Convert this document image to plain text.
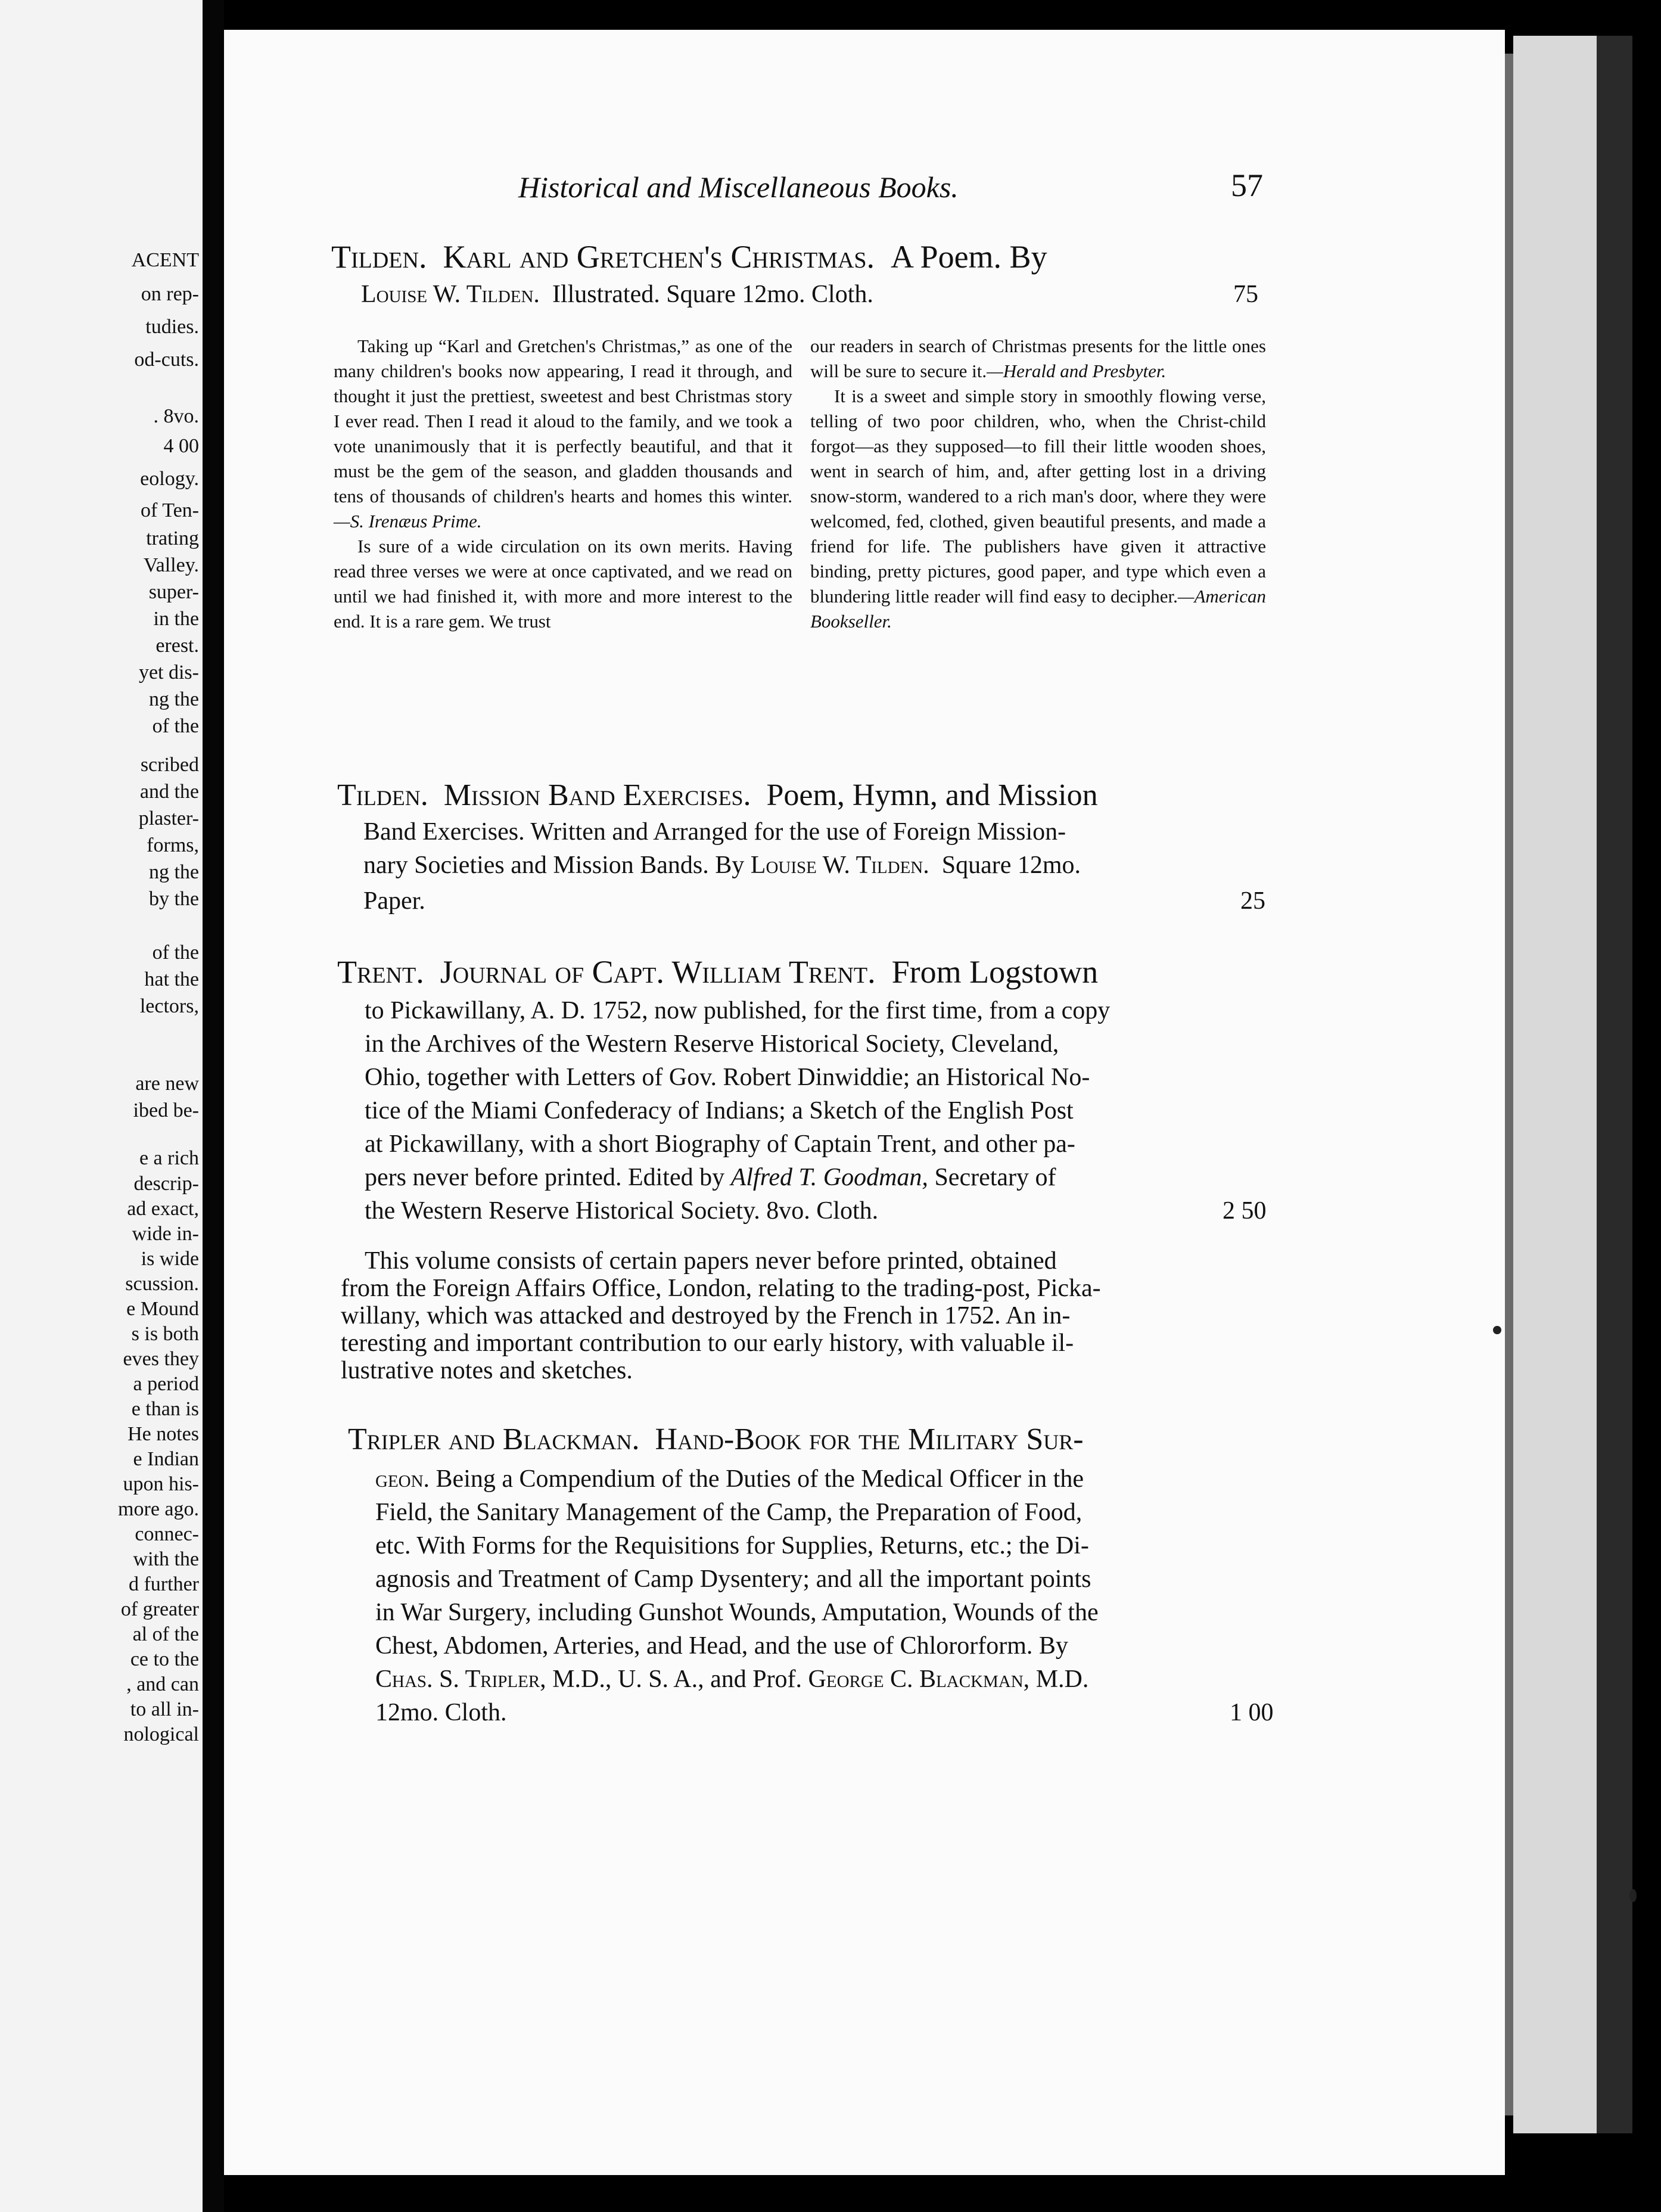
ACENT
on rep-
tudies.
od-cuts.
. 8vo.
4 00
eology.
of Ten-
trating
Valley.
super-
in the
erest.
yet dis-
ng the
of the
scribed
and the
plaster-
forms,
ng the
by the
of the
hat the
lectors,
are new
ibed be-
e a rich
descrip-
ad exact,
wide in-
is wide
scussion.
e Mound
s is both
eves they
a period
e than is
He notes
e Indian
upon his-
more ago.
connec-
with the
d further
of greater
al of the
ce to the
, and can
to all in-
nological
Historical and Miscellaneous Books.	57
Tilden. Karl and Gretchen's Christmas. A Poem. By
Louise W. Tilden. Illustrated. Square 12mo. Cloth.	75

Taking up “Karl and Gretchen's Christmas,” as one of the many children's books now appearing, I read it through, and thought it just the prettiest, sweetest and best Christmas story I ever read. Then I read it aloud to the family, and we took a vote unanimously that it is perfectly beautiful, and that it must be the gem of the season, and gladden thousands and tens of thousands of children's hearts and homes this winter.—S. Irenæus Prime.

Is sure of a wide circulation on its own merits. Having read three verses we were at once captivated, and we read on until we had finished it, with more and more interest to the end. It is a rare gem. We trust

our readers in search of Christmas presents for the little ones will be sure to secure it.—Herald and Presbyter.

It is a sweet and simple story in smoothly flowing verse, telling of two poor children, who, when the Christ-child forgot—as they supposed—to fill their little wooden shoes, went in search of him, and, after getting lost in a driving snow-storm, wandered to a rich man's door, where they were welcomed, fed, clothed, given beautiful presents, and made a friend for life. The publishers have given it attractive binding, pretty pictures, good paper, and type which even a blundering little reader will find easy to decipher.—American Bookseller.

Tilden. Mission Band Exercises. Poem, Hymn, and Mission
Band Exercises. Written and Arranged for the use of Foreign Mission-
nary Societies and Mission Bands. By Louise W. Tilden. Square 12mo.
Paper.	25
Trent. Journal of Capt. William Trent. From Logstown
to Pickawillany, A. D. 1752, now published, for the first time, from a copy
in the Archives of the Western Reserve Historical Society, Cleveland,
Ohio, together with Letters of Gov. Robert Dinwiddie; an Historical No-
tice of the Miami Confederacy of Indians; a Sketch of the English Post
at Pickawillany, with a short Biography of Captain Trent, and other pa-
pers never before printed. Edited by Alfred T. Goodman, Secretary of
the Western Reserve Historical Society. 8vo. Cloth.	2 50
This volume consists of certain papers never before printed, obtained
from the Foreign Affairs Office, London, relating to the trading-post, Picka-
willany, which was attacked and destroyed by the French in 1752. An in-
teresting and important contribution to our early history, with valuable il-
lustrative notes and sketches.
Tripler and Blackman. Hand-Book for the Military Sur-
geon. Being a Compendium of the Duties of the Medical Officer in the
Field, the Sanitary Management of the Camp, the Preparation of Food,
etc. With Forms for the Requisitions for Supplies, Returns, etc.; the Di-
agnosis and Treatment of Camp Dysentery; and all the important points
in War Surgery, including Gunshot Wounds, Amputation, Wounds of the
Chest, Abdomen, Arteries, and Head, and the use of Chlororform. By
Chas. S. Tripler, M.D., U. S. A., and Prof. George C. Blackman, M.D.
12mo. Cloth.	1 00
